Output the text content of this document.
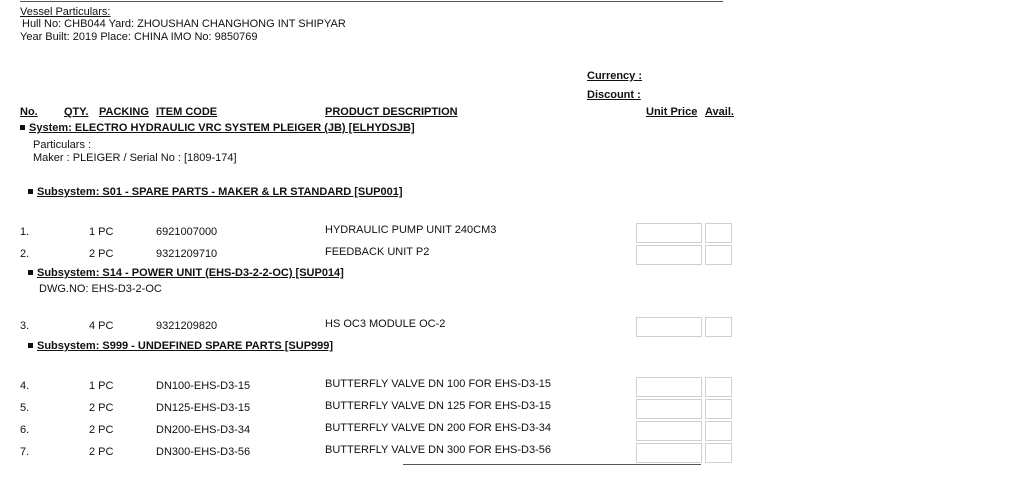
Vessel Particulars:
Hull No: CHB044 Yard: ZHOUSHAN CHANGHONG INT SHIPYAR
Year Built: 2019 Place: CHINA IMO No: 9850769
Currency :
Discount :
No. QTY. PACKING ITEM CODE	PRODUCT DESCRIPTION	Unit Price Avail.
System: ELECTRO HYDRAULIC VRC SYSTEM PLEIGER (JB) [ELHYDSJB]
Particulars :
Maker : PLEIGER / Serial No : [1809-174]
Subsystem: S01 - SPARE PARTS - MAKER & LR STANDARD [SUP001]
1.	1 PC	6921007000	HYDRAULIC PUMP UNIT 240CM3
2.	2 PC	9321209710	FEEDBACK UNIT P2
Subsystem: S14 - POWER UNIT (EHS-D3-2-2-OC) [SUP014]
DWG.NO: EHS-D3-2-OC
3.	4 PC	9321209820	HS OC3 MODULE OC-2
Subsystem: S999 - UNDEFINED SPARE PARTS [SUP999]
4.	1 PC	DN100-EHS-D3-15	BUTTERFLY VALVE DN 100 FOR EHS-D3-15
5.	2 PC	DN125-EHS-D3-15	BUTTERFLY VALVE DN 125 FOR EHS-D3-15
6.	2 PC	DN200-EHS-D3-34	BUTTERFLY VALVE DN 200 FOR EHS-D3-34
7.	2 PC	DN300-EHS-D3-56	BUTTERFLY VALVE DN 300 FOR EHS-D3-56
